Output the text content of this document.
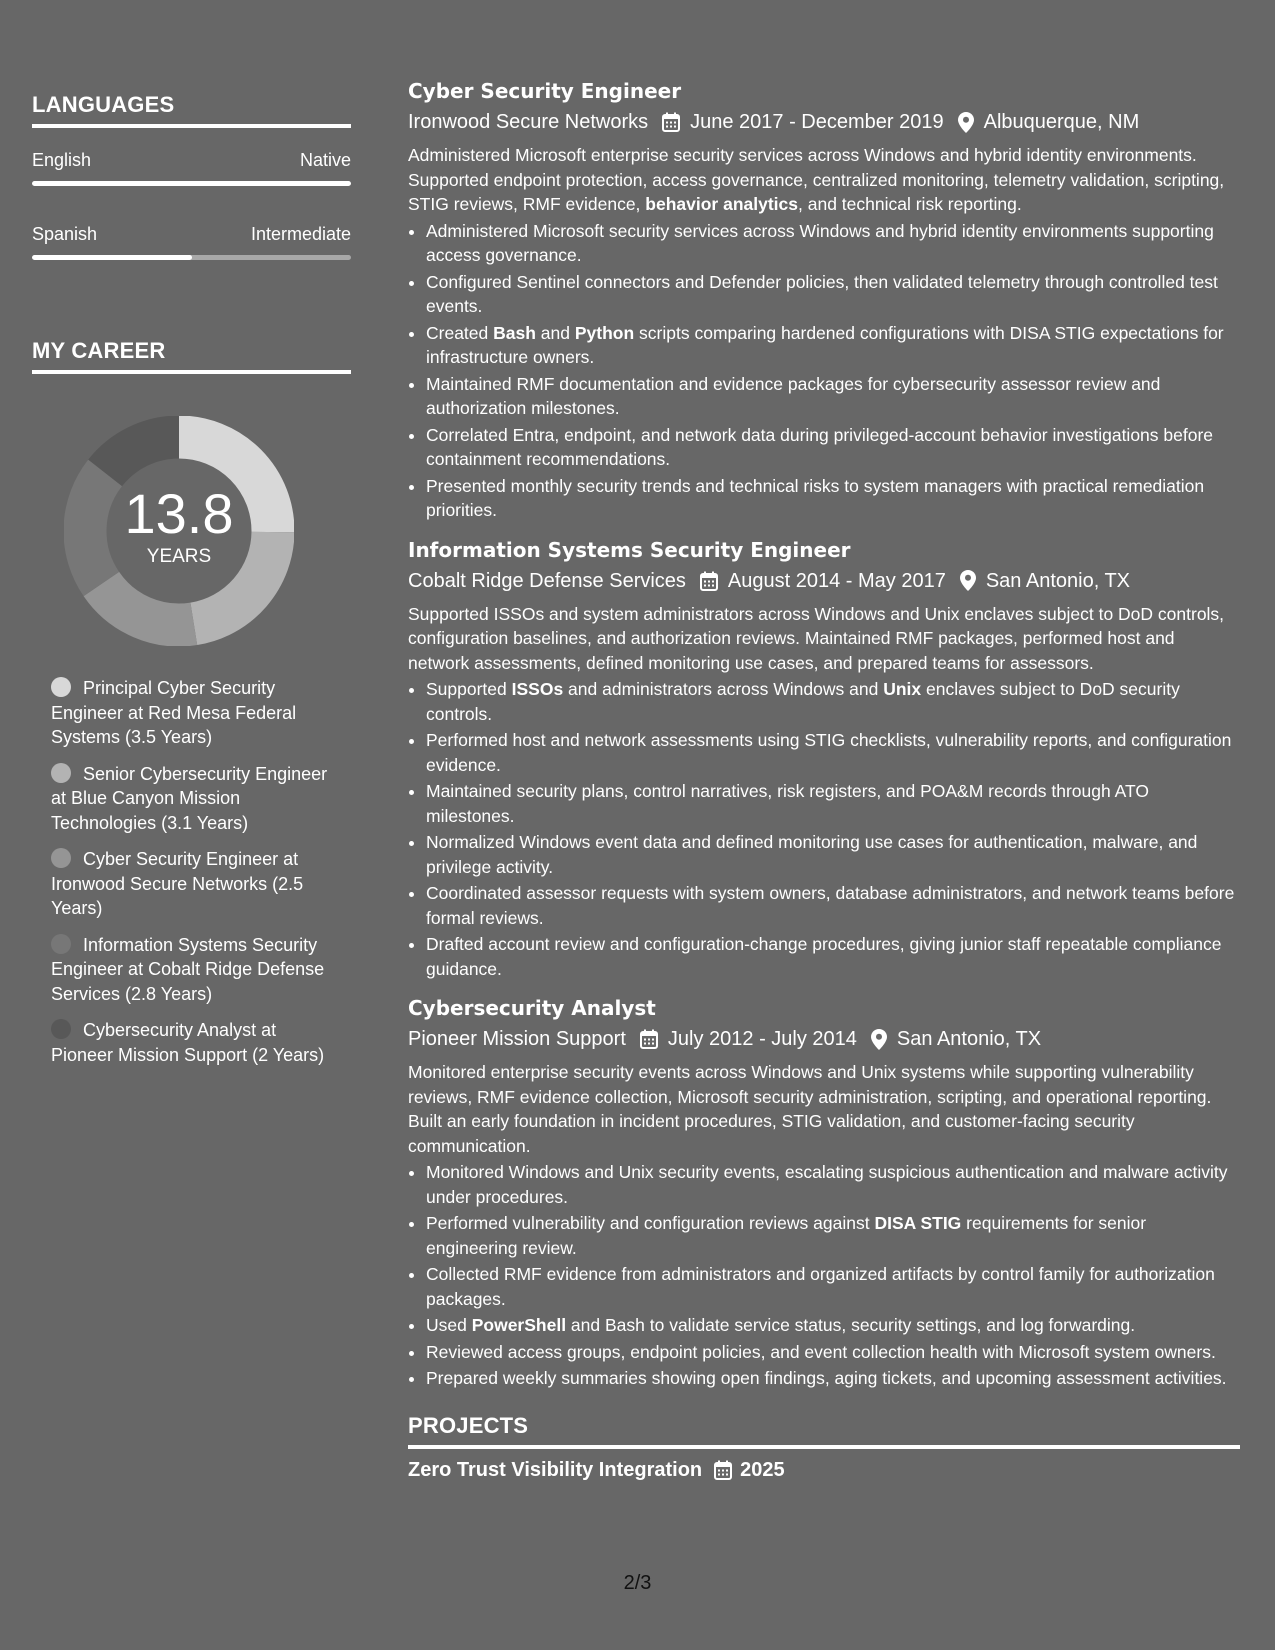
LANGUAGES
English	Native
Spanish	Intermediate
MY CAREER
13.8
YEARS
Principal Cyber Security Engineer at Red Mesa Federal Systems (3.5 Years)
Senior Cybersecurity Engineer at Blue Canyon Mission Technologies (3.1 Years)
Cyber Security Engineer at Ironwood Secure Networks (2.5 Years)
Information Systems Security Engineer at Cobalt Ridge Defense Services (2.8 Years)
Cybersecurity Analyst at Pioneer Mission Support (2 Years)
Cyber Security Engineer
Ironwood Secure Networks June 2017 - December 2019 Albuquerque, NM
Administered Microsoft enterprise security services across Windows and hybrid identity environments. Supported endpoint protection, access governance, centralized monitoring, telemetry validation, scripting, STIG reviews, RMF evidence, behavior analytics, and technical risk reporting.
• Administered Microsoft security services across Windows and hybrid identity environments supporting access governance.
• Configured Sentinel connectors and Defender policies, then validated telemetry through controlled test events.
• Created Bash and Python scripts comparing hardened configurations with DISA STIG expectations for infrastructure owners.
• Maintained RMF documentation and evidence packages for cybersecurity assessor review and authorization milestones.
• Correlated Entra, endpoint, and network data during privileged-account behavior investigations before containment recommendations.
• Presented monthly security trends and technical risks to system managers with practical remediation priorities.
Information Systems Security Engineer
Cobalt Ridge Defense Services August 2014 - May 2017 San Antonio, TX
Supported ISSOs and system administrators across Windows and Unix enclaves subject to DoD controls, configuration baselines, and authorization reviews. Maintained RMF packages, performed host and network assessments, defined monitoring use cases, and prepared teams for assessors.
• Supported ISSOs and administrators across Windows and Unix enclaves subject to DoD security controls.
• Performed host and network assessments using STIG checklists, vulnerability reports, and configuration evidence.
• Maintained security plans, control narratives, risk registers, and POA&M records through ATO milestones.
• Normalized Windows event data and defined monitoring use cases for authentication, malware, and privilege activity.
• Coordinated assessor requests with system owners, database administrators, and network teams before formal reviews.
• Drafted account review and configuration-change procedures, giving junior staff repeatable compliance guidance.
Cybersecurity Analyst
Pioneer Mission Support July 2012 - July 2014 San Antonio, TX
Monitored enterprise security events across Windows and Unix systems while supporting vulnerability reviews, RMF evidence collection, Microsoft security administration, scripting, and operational reporting. Built an early foundation in incident procedures, STIG validation, and customer-facing security communication.
• Monitored Windows and Unix security events, escalating suspicious authentication and malware activity under procedures.
• Performed vulnerability and configuration reviews against DISA STIG requirements for senior engineering review.
• Collected RMF evidence from administrators and organized artifacts by control family for authorization packages.
• Used PowerShell and Bash to validate service status, security settings, and log forwarding.
• Reviewed access groups, endpoint policies, and event collection health with Microsoft system owners.
• Prepared weekly summaries showing open findings, aging tickets, and upcoming assessment activities.
PROJECTS
Zero Trust Visibility Integration 2025
2/3
